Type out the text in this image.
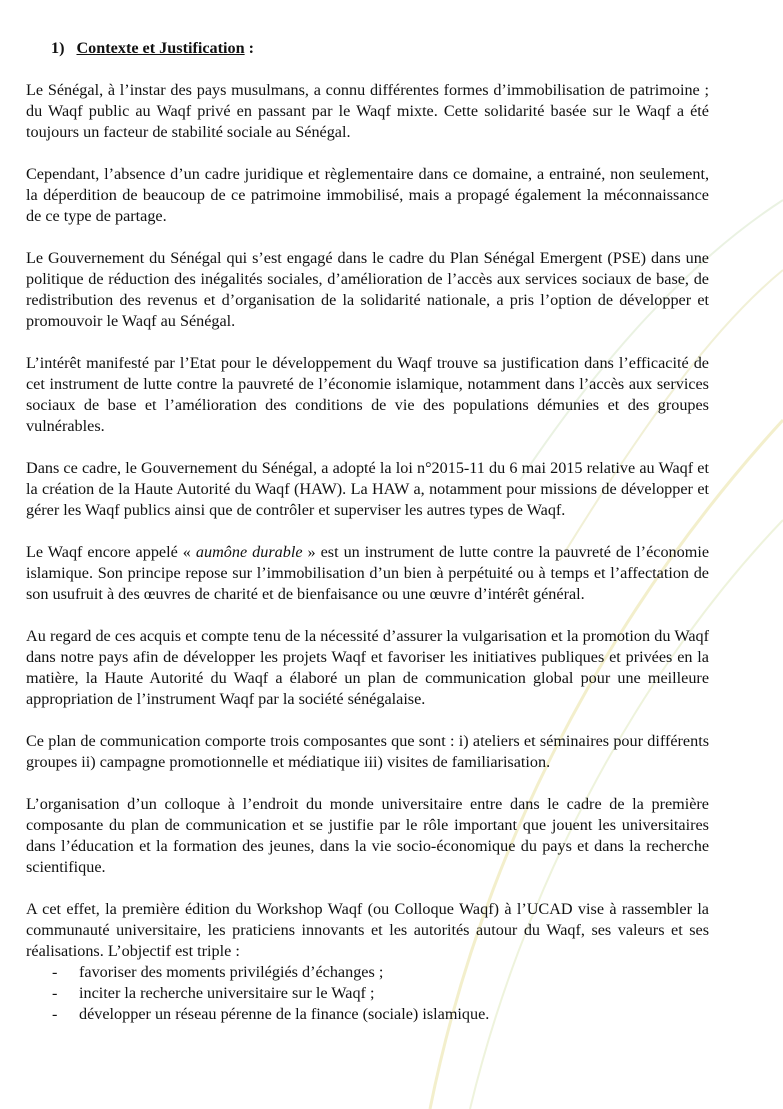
1) Contexte et Justification :

Le Sénégal, à l’instar des pays musulmans, a connu différentes formes d’immobilisation de patrimoine ; du Waqf public au Waqf privé en passant par le Waqf mixte. Cette solidarité basée sur le Waqf a été toujours un facteur de stabilité sociale au Sénégal.

Cependant, l’absence d’un cadre juridique et règlementaire dans ce domaine, a entrainé, non seulement, la déperdition de beaucoup de ce patrimoine immobilisé, mais a propagé également la méconnaissance de ce type de partage.

Le Gouvernement du Sénégal qui s’est engagé dans le cadre du Plan Sénégal Emergent (PSE) dans une politique de réduction des inégalités sociales, d’amélioration de l’accès aux services sociaux de base, de redistribution des revenus et d’organisation de la solidarité nationale, a pris l’option de développer et promouvoir le Waqf au Sénégal.

L’intérêt manifesté par l’Etat pour le développement du Waqf trouve sa justification dans l’efficacité de cet instrument de lutte contre la pauvreté de l’économie islamique, notamment dans l’accès aux services sociaux de base et l’amélioration des conditions de vie des populations démunies et des groupes vulnérables.

Dans ce cadre, le Gouvernement du Sénégal, a adopté la loi n°2015-11 du 6 mai 2015 relative au Waqf et la création de la Haute Autorité du Waqf (HAW). La HAW a, notamment pour missions de développer et gérer les Waqf publics ainsi que de contrôler et superviser les autres types de Waqf.

Le Waqf encore appelé « aumône durable » est un instrument de lutte contre la pauvreté de l’économie islamique. Son principe repose sur l’immobilisation d’un bien à perpétuité ou à temps et l’affectation de son usufruit à des œuvres de charité et de bienfaisance ou une œuvre d’intérêt général.

Au regard de ces acquis et compte tenu de la nécessité d’assurer la vulgarisation et la promotion du Waqf dans notre pays afin de développer les projets Waqf et favoriser les initiatives publiques et privées en la matière, la Haute Autorité du Waqf a élaboré un plan de communication global pour une meilleure appropriation de l’instrument Waqf par la société sénégalaise.

Ce plan de communication comporte trois composantes que sont : i) ateliers et séminaires pour différents groupes ii) campagne promotionnelle et médiatique iii) visites de familiarisation.

L’organisation d’un colloque à l’endroit du monde universitaire entre dans le cadre de la première composante du plan de communication et se justifie par le rôle important que jouent les universitaires dans l’éducation et la formation des jeunes, dans la vie socio-économique du pays et dans la recherche scientifique.

A cet effet, la première édition du Workshop Waqf (ou Colloque Waqf) à l’UCAD vise à rassembler la communauté universitaire, les praticiens innovants et les autorités autour du Waqf, ses valeurs et ses réalisations. L’objectif est triple :

- favoriser des moments privilégiés d’échanges ;
- inciter la recherche universitaire sur le Waqf ;
- développer un réseau pérenne de la finance (sociale) islamique.
